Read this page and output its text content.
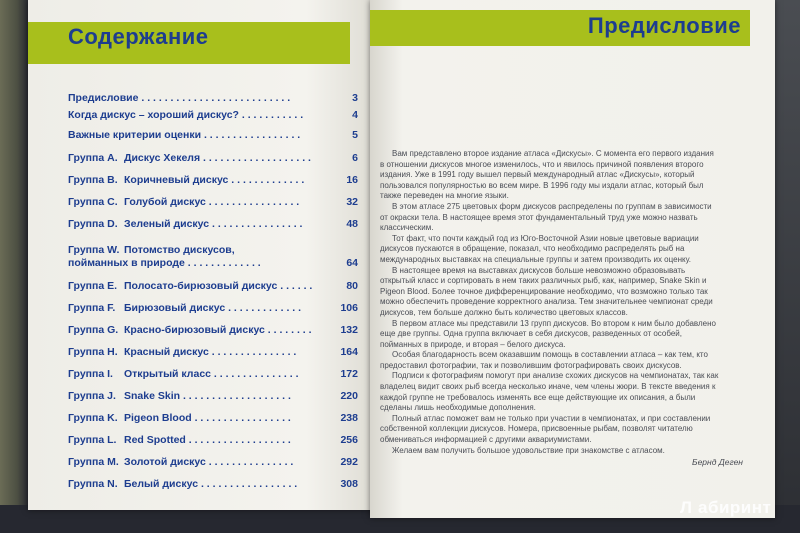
Содержание
Предисловие . . . . . . . . . . . . . . . . . . . . . . . . . .	3
Когда дискус – хороший дискус? . . . . . . . . . . .	4
Важные критерии оценки . . . . . . . . . . . . . . . . .	5
Группа А. Дискус Хекеля . . . . . . . . . . . . . . . . . . .	6
Группа В. Коричневый дискус . . . . . . . . . . . . .	16
Группа С. Голубой дискус . . . . . . . . . . . . . . . .	32
Группа D. Зеленый дискус . . . . . . . . . . . . . . . .	48
Группа W. Потомство дискусов,
пойманных в природе . . . . . . . . . . . . .	64
Группа Е. Полосато-бирюзовый дискус . . . . . .	80
Группа F. Бирюзовый дискус . . . . . . . . . . . . .	106
Группа G. Красно-бирюзовый дискус . . . . . . . .	132
Группа Н. Красный дискус . . . . . . . . . . . . . . .	164
Группа I. Открытый класс . . . . . . . . . . . . . . .	172
Группа J. Snake Skin . . . . . . . . . . . . . . . . . . .	220
Группа K. Pigeon Blood . . . . . . . . . . . . . . . . .	238
Группа L. Red Spotted . . . . . . . . . . . . . . . . . .	256
Группа M. Золотой дискус . . . . . . . . . . . . . . .	292
Группа N. Белый дискус . . . . . . . . . . . . . . . . .	308
Предисловие

Вам представлено второе издание атласа «Дискусы». С момента его первого издания в отношении дискусов многое изменилось, что и явилось причиной появления второго издания. Уже в 1991 году вышел первый международный атлас «Дискусы», который пользовался популярностью во всем мире. В 1996 году мы издали атлас, который был также переведен на многие языки.

В этом атласе 275 цветовых форм дискусов распределены по группам в зависимости от окраски тела. В настоящее время этот фундаментальный труд уже можно назвать классическим.

Тот факт, что почти каждый год из Юго-Восточной Азии новые цветовые вариации дискусов пускаются в обращение, показал, что необходимо распределять рыб на международных выставках на специальные группы и затем производить их оценку.

В настоящее время на выставках дискусов больше невозможно образовывать открытый класс и сортировать в нем таких различных рыб, как, например, Snake Skin и Pigeon Blood. Более точное дифференцирование необходимо, что возможно только так можно обеспечить проведение корректного анализа. Тем значительнее чемпионат среди дискусов, тем больше должно быть количество цветовых классов.

В первом атласе мы представили 13 групп дискусов. Во втором к ним было добавлено еще две группы. Одна группа включает в себя дискусов, разведенных от особей, пойманных в природе, и вторая – белого дискуса.

Особая благодарность всем оказавшим помощь в составлении атласа – как тем, кто предоставил фотографии, так и позволившим фотографировать своих дискусов.

Подписи к фотографиям помогут при анализе схожих дискусов на чемпионатах, так как владелец видит своих рыб всегда несколько иначе, чем члены жюри. В тексте введения к каждой группе не требовалось изменять все еще действующие их описания, а были сделаны лишь необходимые дополнения.

Полный атлас поможет вам не только при участии в чемпионатах, и при составлении собственной коллекции дискусов. Номера, присвоенные рыбам, позволят читателю обмениваться информацией с другими аквариумистами.

Желаем вам получить большое удовольствие при знакомстве с атласом.

Бернд Деген
Л абиринт
